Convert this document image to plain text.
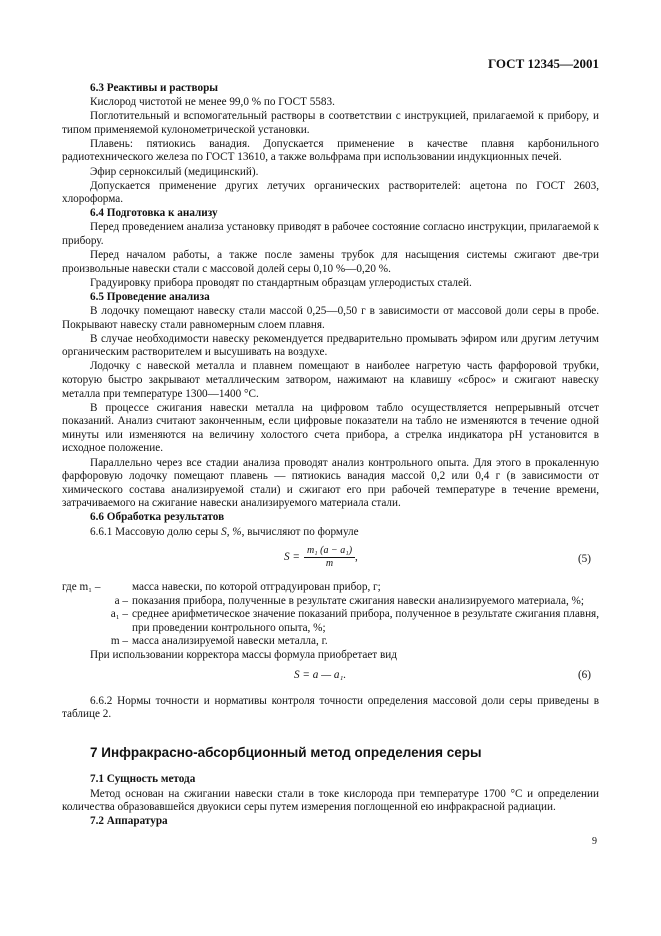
ГОСТ 12345—2001
6.3 Реактивы и растворы
Кислород чистотой не менее 99,0 % по ГОСТ 5583.
Поглотительный и вспомогательный растворы в соответствии с инструкцией, прилагаемой к прибору, и типом применяемой кулонометрической установки.
Плавень: пятиокись ванадия. Допускается применение в качестве плавня карбонильного радиотехнического железа по ГОСТ 13610, а также вольфрама при использовании индукционных печей.
Эфир серноксилый (медицинский).
Допускается применение других летучих органических растворителей: ацетона по ГОСТ 2603, хлороформа.
6.4 Подготовка к анализу
Перед проведением анализа установку приводят в рабочее состояние согласно инструкции, прилагаемой к прибору.
Перед началом работы, а также после замены трубок для насыщения системы сжигают две-три произвольные навески стали с массовой долей серы 0,10 %—0,20 %.
Градуировку прибора проводят по стандартным образцам углеродистых сталей.
6.5 Проведение анализа
В лодочку помещают навеску стали массой 0,25—0,50 г в зависимости от массовой доли серы в пробе. Покрывают навеску стали равномерным слоем плавня.
В случае необходимости навеску рекомендуется предварительно промывать эфиром или другим летучим органическим растворителем и высушивать на воздухе.
Лодочку с навеской металла и плавнем помещают в наиболее нагретую часть фарфоровой трубки, которую быстро закрывают металлическим затвором, нажимают на клавишу «сброс» и сжигают навеску металла при температуре 1300—1400 °С.
В процессе сжигания навески металла на цифровом табло осуществляется непрерывный отсчет показаний. Анализ считают законченным, если цифровые показатели на табло не изменяются в течение одной минуты или изменяются на величину холостого счета прибора, а стрелка индикатора рН установится в исходное положение.
Параллельно через все стадии анализа проводят анализ контрольного опыта. Для этого в прокаленную фарфоровую лодочку помещают плавень — пятиокись ванадия массой 0,2 или 0,4 г (в зависимости от химического состава анализируемой стали) и сжигают его при рабочей температуре в течение времени, затрачиваемого на сжигание навески анализируемого материала стали.
6.6 Обработка результатов
6.6.1 Массовую долю серы S, %, вычисляют по формуле
$S = \frac{\text{m₁ (a − a₁)}}{m}$ ,	(5)
где m₁ –	масса навески, по которой отградуирован прибор, г;
a – показания прибора, полученные в результате сжигания навески анализируемого материала, %;
a₁ – среднее арифметическое значение показаний прибора, полученное в результате сжигания плавня, при проведении контрольного опыта, %;
m – масса анализируемой навески металла, г.
При использовании корректора массы формула приобретает вид
S = a — a₁.	(6)
6.6.2 Нормы точности и нормативы контроля точности определения массовой доли серы приведены в таблице 2.
7 Инфракрасно-абсорбционный метод определения серы
7.1 Сущность метода
Метод основан на сжигании навески стали в токе кислорода при температуре 1700 °С и определении количества образовавшейся двуокиси серы путем измерения поглощенной ею инфракрасной радиации.
7.2 Аппаратура
9
